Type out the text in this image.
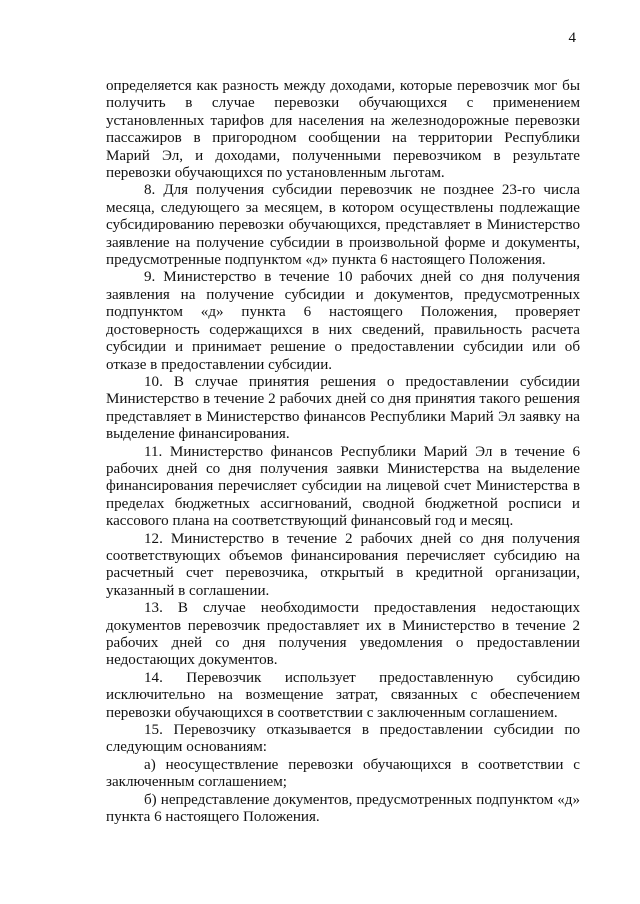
4

определяется как разность между доходами, которые перевозчик мог бы получить в случае перевозки обучающихся с применением установленных тарифов для населения на железнодорожные перевозки пассажиров в пригородном сообщении на территории Республики Марий Эл, и доходами, полученными перевозчиком в результате перевозки обучающихся по установленным льготам.

8. Для получения субсидии перевозчик не позднее 23-го числа месяца, следующего за месяцем, в котором осуществлены подлежащие субсидированию перевозки обучающихся, представляет в Министерство заявление на получение субсидии в произвольной форме и документы, предусмотренные подпунктом «д» пункта 6 настоящего Положения.

9. Министерство в течение 10 рабочих дней со дня получения заявления на получение субсидии и документов, предусмотренных подпунктом «д» пункта 6 настоящего Положения, проверяет достоверность содержащихся в них сведений, правильность расчета субсидии и принимает решение о предоставлении субсидии или об отказе в предоставлении субсидии.

10. В случае принятия решения о предоставлении субсидии Министерство в течение 2 рабочих дней со дня принятия такого решения представляет в Министерство финансов Республики Марий Эл заявку на выделение финансирования.

11. Министерство финансов Республики Марий Эл в течение 6 рабочих дней со дня получения заявки Министерства на выделение финансирования перечисляет субсидии на лицевой счет Министерства в пределах бюджетных ассигнований, сводной бюджетной росписи и кассового плана на соответствующий финансовый год и месяц.

12. Министерство в течение 2 рабочих дней со дня получения соответствующих объемов финансирования перечисляет субсидию на расчетный счет перевозчика, открытый в кредитной организации, указанный в соглашении.

13. В случае необходимости предоставления недостающих документов перевозчик предоставляет их в Министерство в течение 2 рабочих дней со дня получения уведомления о предоставлении недостающих документов.

14. Перевозчик использует предоставленную субсидию исключительно на возмещение затрат, связанных с обеспечением перевозки обучающихся в соответствии с заключенным соглашением.

15. Перевозчику отказывается в предоставлении субсидии по следующим основаниям:

а) неосуществление перевозки обучающихся в соответствии с заключенным соглашением;

б) непредставление документов, предусмотренных подпунктом «д» пункта 6 настоящего Положения.
